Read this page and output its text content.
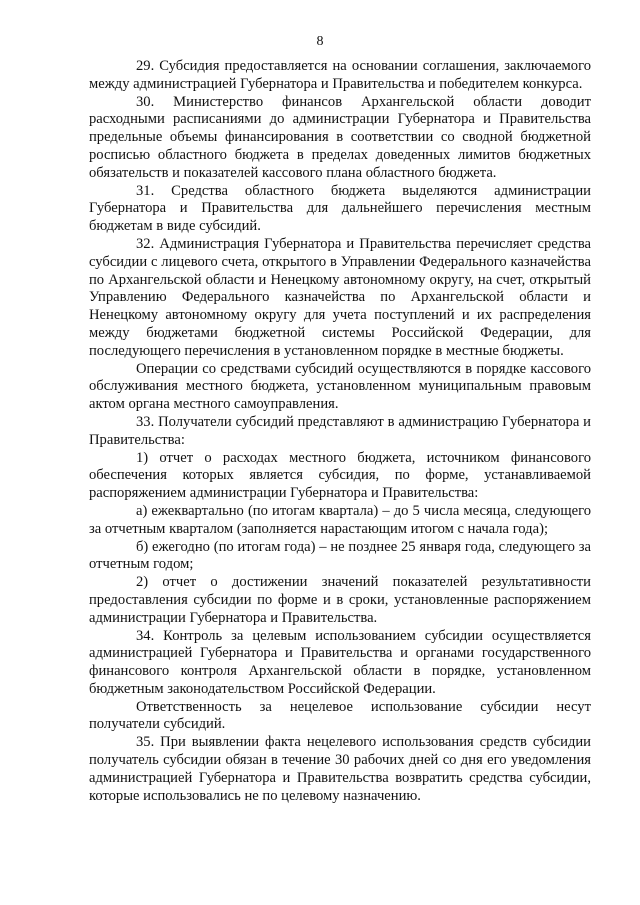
8

29. Субсидия предоставляется на основании соглашения, заключаемого между администрацией Губернатора и Правительства и победителем конкурса.

30. Министерство финансов Архангельской области доводит расходными расписаниями до администрации Губернатора и Правительства предельные объемы финансирования в соответствии со сводной бюджетной росписью областного бюджета в пределах доведенных лимитов бюджетных обязательств и показателей кассового плана областного бюджета.

31. Средства областного бюджета выделяются администрации Губернатора и Правительства для дальнейшего перечисления местным бюджетам в виде субсидий.

32. Администрация Губернатора и Правительства перечисляет средства субсидии с лицевого счета, открытого в Управлении Федерального казначейства по Архангельской области и Ненецкому автономному округу, на счет, открытый Управлению Федерального казначейства по Архангельской области и Ненецкому автономному округу для учета поступлений и их распределения между бюджетами бюджетной системы Российской Федерации, для последующего перечисления в установленном порядке в местные бюджеты.

Операции со средствами субсидий осуществляются в порядке кассового обслуживания местного бюджета, установленном муниципальным правовым актом органа местного самоуправления.

33. Получатели субсидий представляют в администрацию Губернатора и Правительства:

1) отчет о расходах местного бюджета, источником финансового обеспечения которых является субсидия, по форме, устанавливаемой распоряжением администрации Губернатора и Правительства:

а) ежеквартально (по итогам квартала) – до 5 числа месяца, следующего за отчетным кварталом (заполняется нарастающим итогом с начала года);

б) ежегодно (по итогам года) – не позднее 25 января года, следующего за отчетным годом;

2) отчет о достижении значений показателей результативности предоставления субсидии по форме и в сроки, установленные распоряжением администрации Губернатора и Правительства.

34. Контроль за целевым использованием субсидии осуществляется администрацией Губернатора и Правительства и органами государственного финансового контроля Архангельской области в порядке, установленном бюджетным законодательством Российской Федерации.

Ответственность за нецелевое использование субсидии несут получатели субсидий.

35. При выявлении факта нецелевого использования средств субсидии получатель субсидии обязан в течение 30 рабочих дней со дня его уведомления администрацией Губернатора и Правительства возвратить средства субсидии, которые использовались не по целевому назначению.
